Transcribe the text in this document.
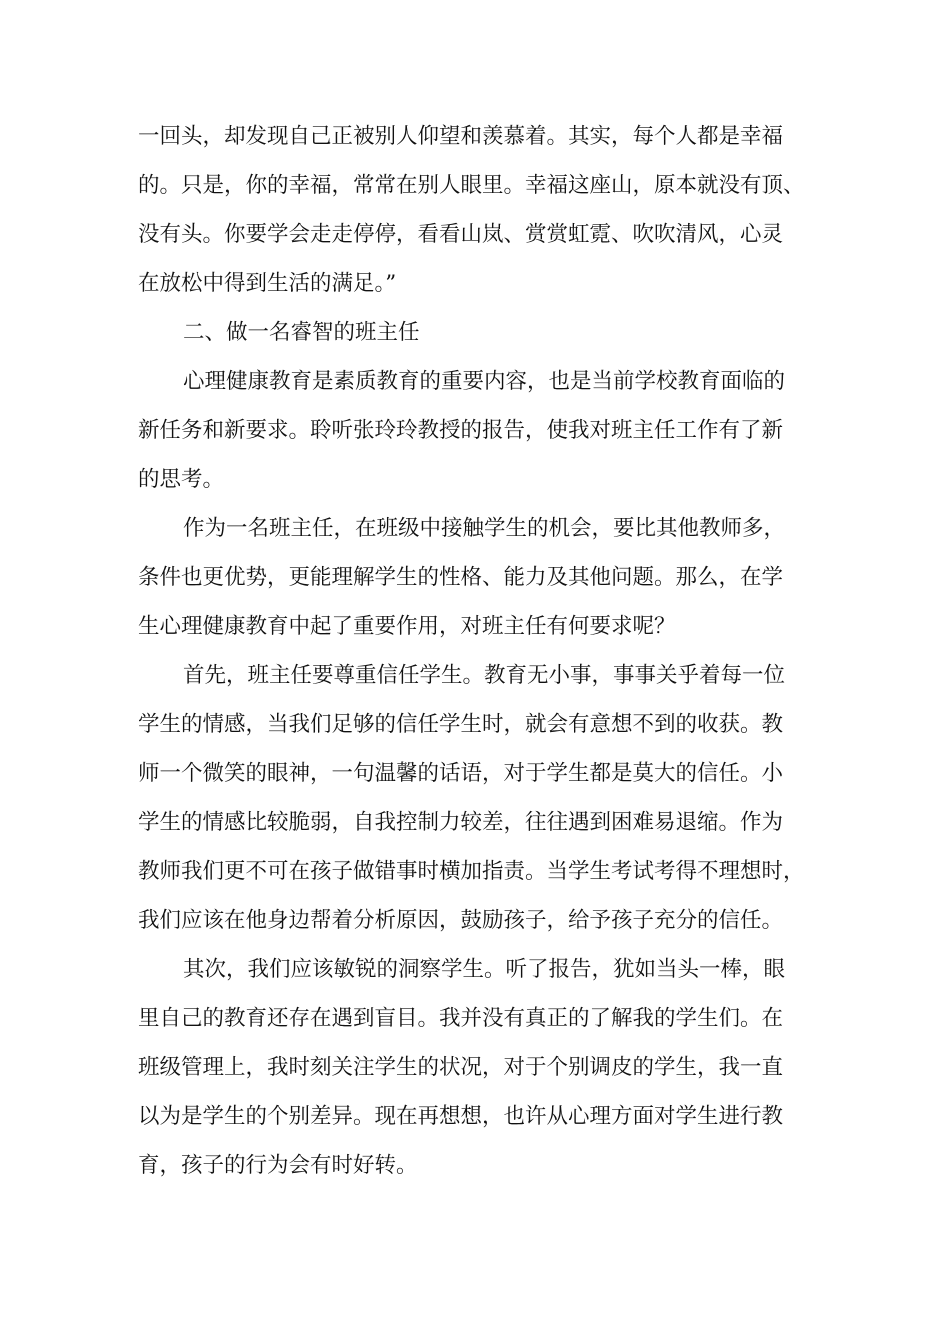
一回头，却发现自己正被别人仰望和羡慕着。其实，每个人都是幸福
的。只是，你的幸福，常常在别人眼里。幸福这座山，原本就没有顶、
没有头。你要学会走走停停，看看山岚、赏赏虹霓、吹吹清风，心灵
在放松中得到生活的满足。”
二、做一名睿智的班主任
心理健康教育是素质教育的重要内容，也是当前学校教育面临的
新任务和新要求。聆听张玲玲教授的报告，使我对班主任工作有了新
的思考。
作为一名班主任，在班级中接触学生的机会，要比其他教师多，
条件也更优势，更能理解学生的性格、能力及其他问题。那么，在学
生心理健康教育中起了重要作用，对班主任有何要求呢？
首先，班主任要尊重信任学生。教育无小事，事事关乎着每一位
学生的情感，当我们足够的信任学生时，就会有意想不到的收获。教
师一个微笑的眼神，一句温馨的话语，对于学生都是莫大的信任。小
学生的情感比较脆弱，自我控制力较差，往往遇到困难易退缩。作为
教师我们更不可在孩子做错事时横加指责。当学生考试考得不理想时，
我们应该在他身边帮着分析原因，鼓励孩子，给予孩子充分的信任。
其次，我们应该敏锐的洞察学生。听了报告，犹如当头一棒，眼
里自己的教育还存在遇到盲目。我并没有真正的了解我的学生们。在
班级管理上，我时刻关注学生的状况，对于个别调皮的学生，我一直
以为是学生的个别差异。现在再想想，也许从心理方面对学生进行教
育，孩子的行为会有时好转。
